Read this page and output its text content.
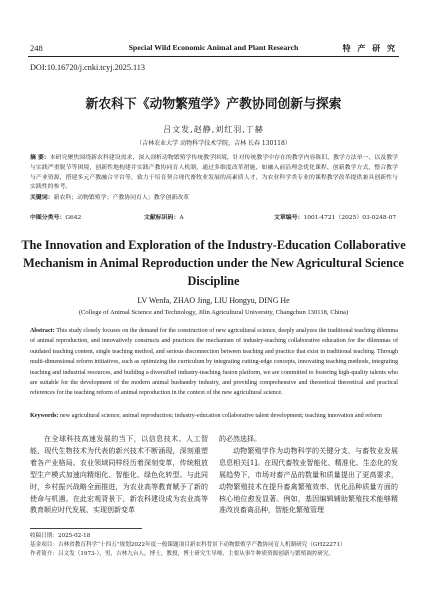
248	Special Wild Economic Animal and Plant Research	特 产 研 究
DOI:10.16720/j.cnki.tcyj.2025.113
新农科下《动物繁殖学》产教协同创新与探索
吕文发,赵静,刘红羽,丁赫
（吉林农业大学 动物科学技术学院，吉林 长春 130118）
摘 要：本研究聚焦围绕新农科建设需求，深入剖析动物繁殖学传统教学困境，针对传统教学中存在的教学内容陈旧、教学方法单一、以及教学与实践严重脱节等困境，创新性地构建并实践产教协同育人机制，通过多维度改革措施，如融入前沿理念优化课程、创新教学方式、整合教学与产业资源，搭建多元产教融合平台等，致力于培育契合现代畜牧业发展的高素质人才，为农业科学类专业的课程教学改革提供兼具创新性与实践性的参考。
关键词：新农科；动物繁殖学；产教协同育人；教学创新改革
中图分类号：G642	文献标识码：A	文章编号：1001-4721（2025）03-0248-07
The Innovation and Exploration of the Industry-Education Collaborative Mechanism in Animal Reproduction under the New Agricultural Science Discipline
LV Wenfa, ZHAO Jing, LIU Hongyu, DING He
(College of Animal Science and Technology, Jilin Agricultural University, Changchun 130118, China)
Abstract: This study closely focuses on the demand for the construction of new agricultural science, deeply analyzes the traditional teaching dilemma of animal reproduction, and innovatively constructs and practices the mechanism of industry-teaching collaborative education for the dilemmas of outdated teaching content, single teaching method, and serious disconnection between teaching and practice that exist in traditional teaching. Through multi-dimensional reform initiatives, such as optimizing the curriculum by integrating cutting-edge concepts, innovating teaching methods, integrating teaching and industrial resources, and building a diversified industry-teaching fusion platform, we are committed to fostering high-quality talents who are suitable for the development of the modern animal husbandry industry, and providing comprehensive and theoretical theoretical and practical references for the teaching reform of animal reproduction in the context of the new agricultural science.
Keywords: new agricultural science; animal reproduction; industry-education collaborative talent development; teaching innovation and reform
在全球科技高速发展的当下，以信息技术、人工智能、现代生物技术为代表的新兴技术不断涌现，深刻重塑着各产业格局。农业领域同样经历着深刻变革，传统粗放型生产模式加速向精细化、智能化、绿色化转型。与此同时，乡村振兴战略全面推进，为农业高等教育赋予了新的使命与机遇。在此宏观背景下，新农科建设成为农业高等教育顺应时代发展、实现创新变革

的必然选择。

动物繁殖学作为动物科学的关键分支，与畜牧业发展息息相关[1]。在现代畜牧业智能化、精准化、生态化的发展趋势下，市场对畜产品的数量和质量提出了更高要求，动物繁殖技术在提升畜禽繁殖效率、优化品种质量方面的核心地位愈发显著。例如，基因编辑辅助繁殖技术能够精准改良畜禽品种，智能化繁殖管理

收稿日期：2025-02-18
基金项目：吉林省教育科学“十四五”规划2022年度一般课题项目新农科背景下动物繁殖学产教协同育人机制研究（GH22271）
作者简介：吕文发（1973-），男，吉林九台人，博士，教授，博士研究生导师，主要从事牛种质资源创新与繁殖调控研究。
